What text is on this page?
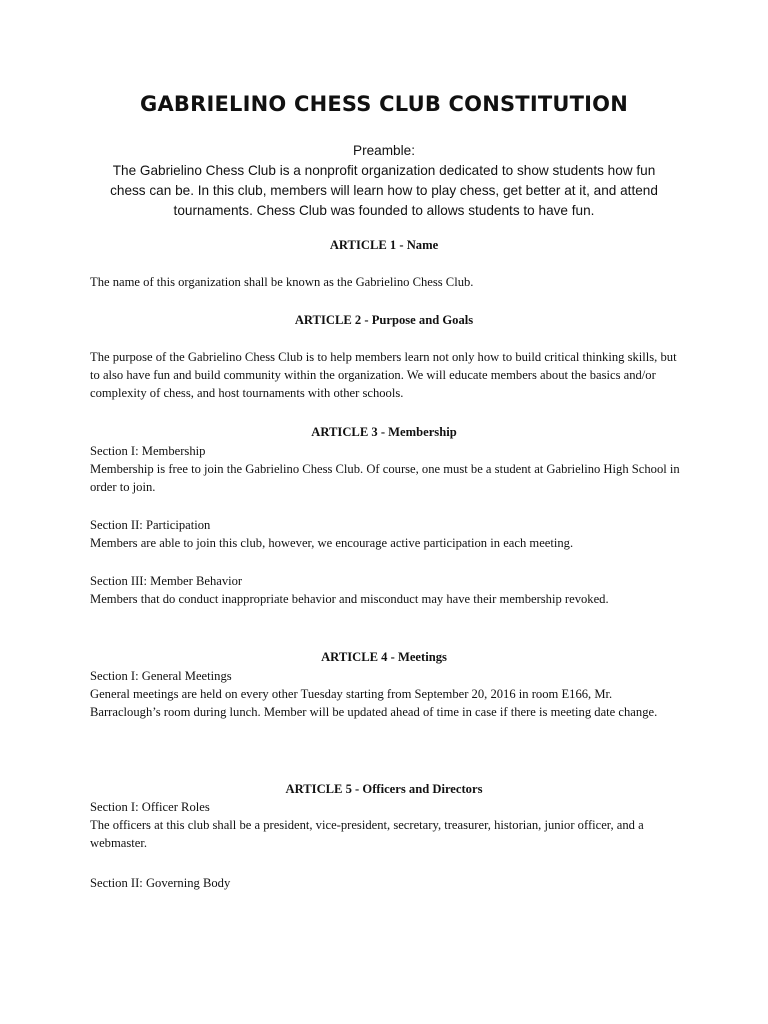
GABRIELINO CHESS CLUB CONSTITUTION

Preamble:

The Gabrielino Chess Club is a nonprofit organization dedicated to show students how fun chess can be. In this club, members will learn how to play chess, get better at it, and attend tournaments. Chess Club was founded to allows students to have fun.

ARTICLE 1 - Name

The name of this organization shall be known as the Gabrielino Chess Club.

ARTICLE 2 - Purpose and Goals

The purpose of the Gabrielino Chess Club is to help members learn not only how to build critical thinking skills, but to also have fun and build community within the organization. We will educate members about the basics and/or complexity of chess, and host tournaments with other schools.

ARTICLE 3 - Membership

Section I: Membership

Membership is free to join the Gabrielino Chess Club. Of course, one must be a student at Gabrielino High School in order to join.

Section II: Participation

Members are able to join this club, however, we encourage active participation in each meeting.

Section III: Member Behavior

Members that do conduct inappropriate behavior and misconduct may have their membership revoked.

ARTICLE 4 - Meetings

Section I: General Meetings

General meetings are held on every other Tuesday starting from September 20, 2016 in room E166, Mr. Barraclough’s room during lunch. Member will be updated ahead of time in case if there is meeting date change.

ARTICLE 5 - Officers and Directors

Section I: Officer Roles

The officers at this club shall be a president, vice-president, secretary, treasurer, historian, junior officer, and a webmaster.

Section II: Governing Body
